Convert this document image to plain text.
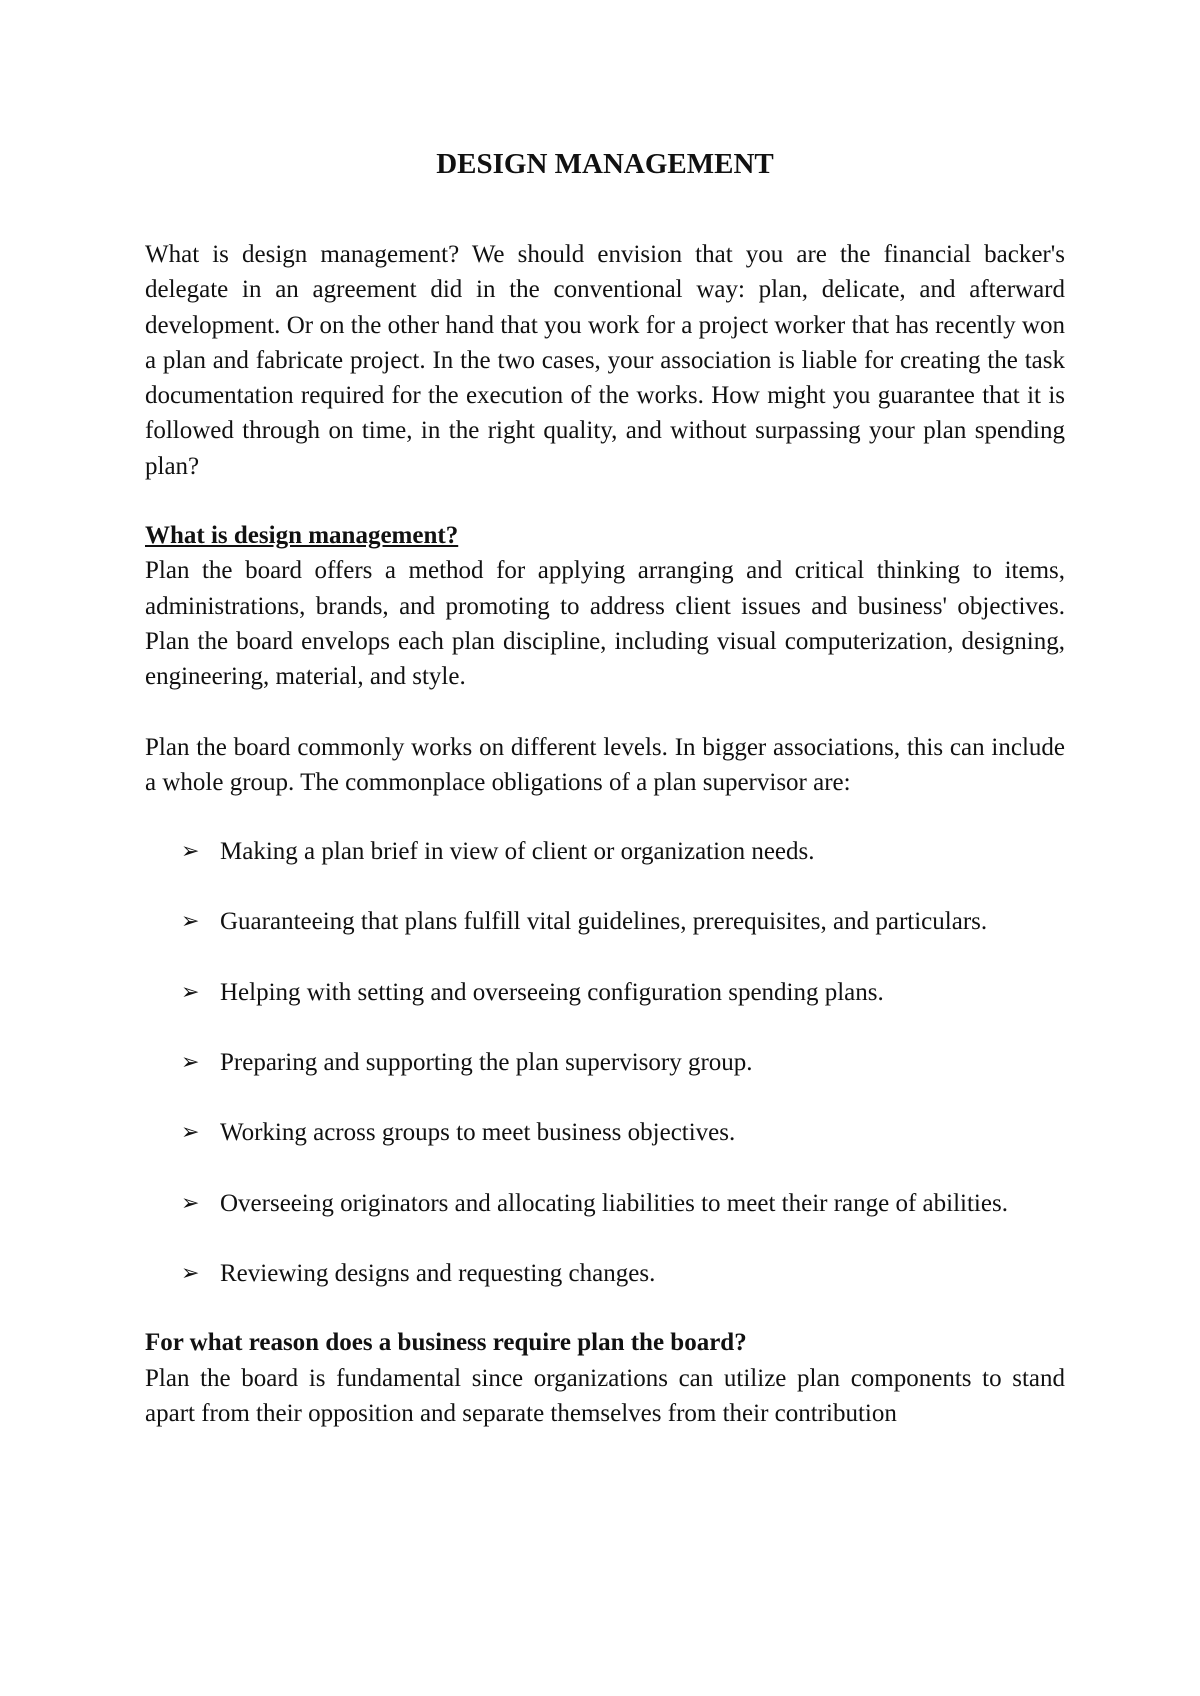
DESIGN MANAGEMENT

What is design management? We should envision that you are the financial backer's delegate in an agreement did in the conventional way: plan, delicate, and afterward development. Or on the other hand that you work for a project worker that has recently won a plan and fabricate project. In the two cases, your association is liable for creating the task documentation required for the execution of the works. How might you guarantee that it is followed through on time, in the right quality, and without surpassing your plan spending plan?

What is design management?

Plan the board offers a method for applying arranging and critical thinking to items, administrations, brands, and promoting to address client issues and business' objectives. Plan the board envelops each plan discipline, including visual computerization, designing, engineering, material, and style.

Plan the board commonly works on different levels. In bigger associations, this can include a whole group. The commonplace obligations of a plan supervisor are:

➢ Making a plan brief in view of client or organization needs.
➢ Guaranteeing that plans fulfill vital guidelines, prerequisites, and particulars.
➢ Helping with setting and overseeing configuration spending plans.
➢ Preparing and supporting the plan supervisory group.
➢ Working across groups to meet business objectives.
➢ Overseeing originators and allocating liabilities to meet their range of abilities.
➢ Reviewing designs and requesting changes.
For what reason does a business require plan the board?

Plan the board is fundamental since organizations can utilize plan components to stand apart from their opposition and separate themselves from their contribution
